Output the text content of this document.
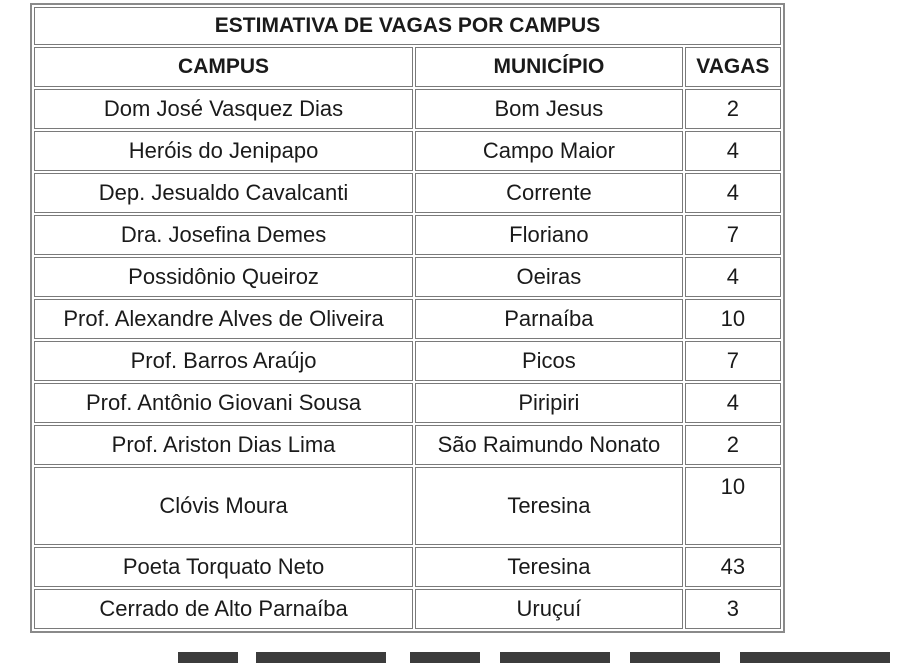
ESTIMATIVA DE VAGAS POR CAMPUS		
CAMPUS	MUNICÍPIO	VAGAS
Dom José Vasquez Dias	Bom Jesus	2
Heróis do Jenipapo	Campo Maior	4
Dep. Jesualdo Cavalcanti	Corrente	4
Dra. Josefina Demes	Floriano	7
Possidônio Queiroz	Oeiras	4
Prof. Alexandre Alves de Oliveira	Parnaíba	10
Prof. Barros Araújo	Picos	7
Prof. Antônio Giovani Sousa	Piripiri	4
Prof. Ariston Dias Lima	São Raimundo Nonato	2
Clóvis Moura	Teresina	10
Poeta Torquato Neto	Teresina	43
Cerrado de Alto Parnaíba	Uruçuí	3
